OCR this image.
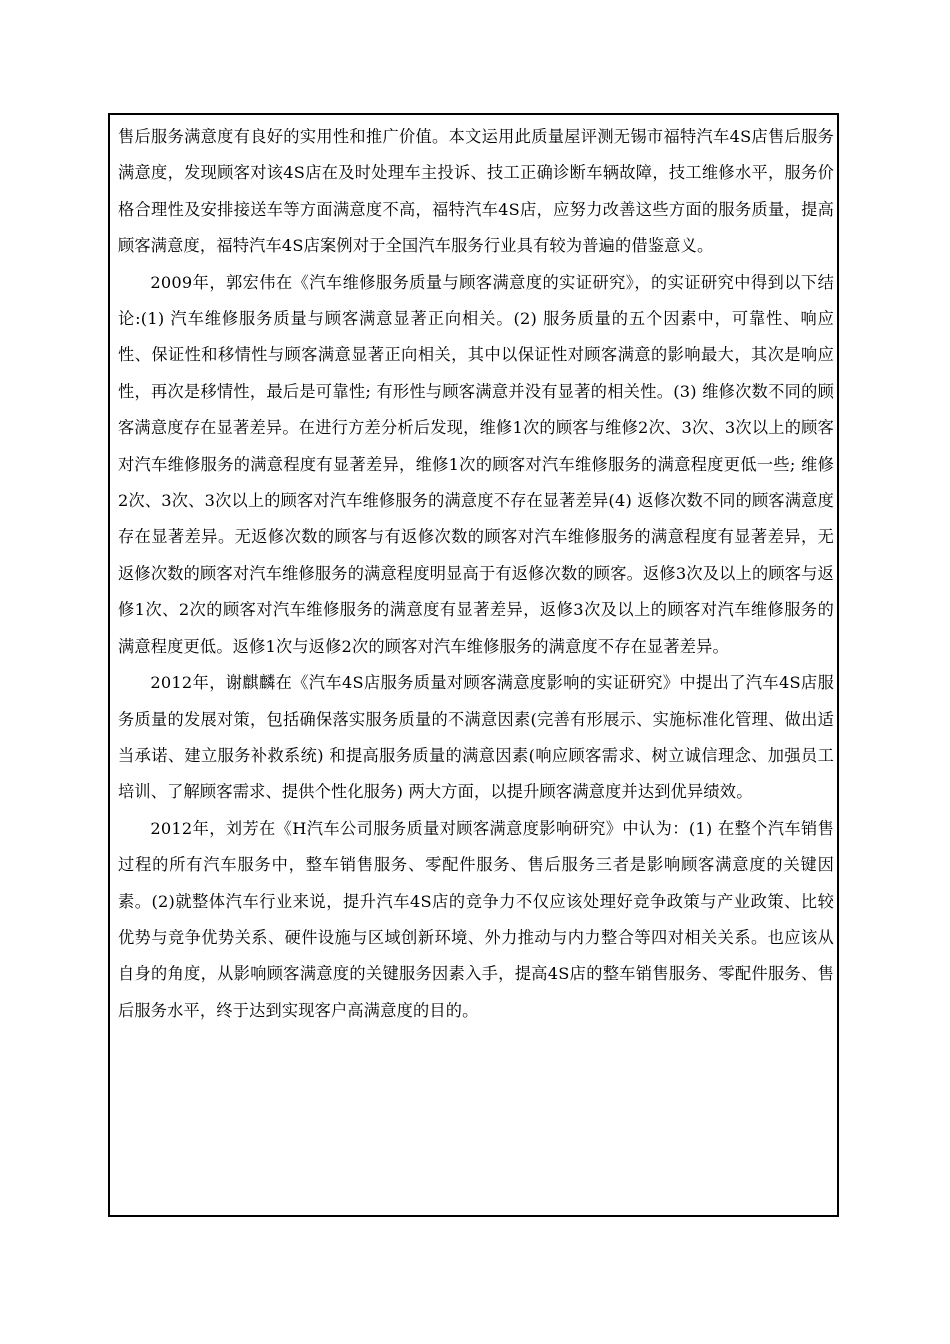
售后服务满意度有良好的实用性和推广价值。本文运用此质量屋评测无锡市福特汽车4S店售后服务满意度，发现顾客对该4S店在及时处理车主投诉、技工正确诊断车辆故障，技工维修水平，服务价格合理性及安排接送车等方面满意度不高，福特汽车4S店，应努力改善这些方面的服务质量，提高顾客满意度，福特汽车4S店案例对于全国汽车服务行业具有较为普遍的借鉴意义。

2009年，郭宏伟在《汽车维修服务质量与顾客满意度的实证研究》，的实证研究中得到以下结论:(1) 汽车维修服务质量与顾客满意显著正向相关。(2) 服务质量的五个因素中，可靠性、响应性、保证性和移情性与顾客满意显著正向相关，其中以保证性对顾客满意的影响最大，其次是响应性，再次是移情性，最后是可靠性; 有形性与顾客满意并没有显著的相关性。(3) 维修次数不同的顾客满意度存在显著差异。在进行方差分析后发现，维修1次的顾客与维修2次、3次、3次以上的顾客对汽车维修服务的满意程度有显著差异，维修1次的顾客对汽车维修服务的满意程度更低一些; 维修2次、3次、3次以上的顾客对汽车维修服务的满意度不存在显著差异(4) 返修次数不同的顾客满意度存在显著差异。无返修次数的顾客与有返修次数的顾客对汽车维修服务的满意程度有显著差异，无返修次数的顾客对汽车维修服务的满意程度明显高于有返修次数的顾客。返修3次及以上的顾客与返修1次、2次的顾客对汽车维修服务的满意度有显著差异，返修3次及以上的顾客对汽车维修服务的满意程度更低。返修1次与返修2次的顾客对汽车维修服务的满意度不存在显著差异。

2012年，谢麒麟在《汽车4S店服务质量对顾客满意度影响的实证研究》中提出了汽车4S店服务质量的发展对策，包括确保落实服务质量的不满意因素(完善有形展示、实施标准化管理、做出适当承诺、建立服务补救系统) 和提高服务质量的满意因素(响应顾客需求、树立诚信理念、加强员工培训、了解顾客需求、提供个性化服务) 两大方面，以提升顾客满意度并达到优异绩效。

2012年，刘芳在《H汽车公司服务质量对顾客满意度影响研究》中认为：(1) 在整个汽车销售过程的所有汽车服务中，整车销售服务、零配件服务、售后服务三者是影响顾客满意度的关键因素。(2)就整体汽车行业来说，提升汽车4S店的竞争力不仅应该处理好竞争政策与产业政策、比较优势与竞争优势关系、硬件设施与区域创新环境、外力推动与内力整合等四对相关关系。也应该从自身的角度，从影响顾客满意度的关键服务因素入手，提高4S店的整车销售服务、零配件服务、售后服务水平，终于达到实现客户高满意度的目的。
